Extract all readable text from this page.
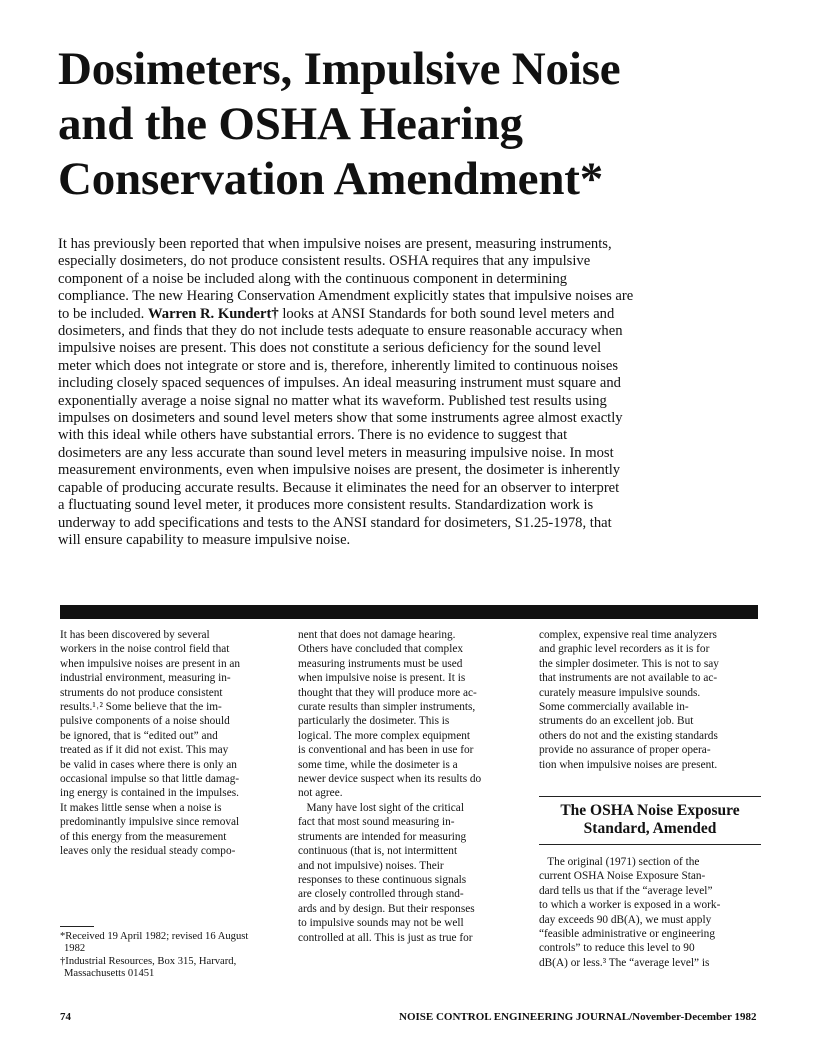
Dosimeters, Impulsive Noise
and the OSHA Hearing
Conservation Amendment*
It has previously been reported that when impulsive noises are present, measuring instruments,
especially dosimeters, do not produce consistent results. OSHA requires that any impulsive
component of a noise be included along with the continuous component in determining
compliance. The new Hearing Conservation Amendment explicitly states that impulsive noises are
to be included. Warren R. Kundert† looks at ANSI Standards for both sound level meters and
dosimeters, and finds that they do not include tests adequate to ensure reasonable accuracy when
impulsive noises are present. This does not constitute a serious deficiency for the sound level
meter which does not integrate or store and is, therefore, inherently limited to continuous noises
including closely spaced sequences of impulses. An ideal measuring instrument must square and
exponentially average a noise signal no matter what its waveform. Published test results using
impulses on dosimeters and sound level meters show that some instruments agree almost exactly
with this ideal while others have substantial errors. There is no evidence to suggest that
dosimeters are any less accurate than sound level meters in measuring impulsive noise. In most
measurement environments, even when impulsive noises are present, the dosimeter is inherently
capable of producing accurate results. Because it eliminates the need for an observer to interpret
a fluctuating sound level meter, it produces more consistent results. Standardization work is
underway to add specifications and tests to the ANSI standard for dosimeters, S1.25-1978, that
will ensure capability to measure impulsive noise.
It has been discovered by several
workers in the noise control field that
when impulsive noises are present in an
industrial environment, measuring in-
struments do not produce consistent
results.¹˒² Some believe that the im-
pulsive components of a noise should
be ignored, that is “edited out” and
treated as if it did not exist. This may
be valid in cases where there is only an
occasional impulse so that little damag-
ing energy is contained in the impulses.
It makes little sense when a noise is
predominantly impulsive since removal
of this energy from the measurement
leaves only the residual steady compo-
*Received 19 April 1982; revised 16 August
1982
†Industrial Resources, Box 315, Harvard,
Massachusetts 01451
nent that does not damage hearing.
Others have concluded that complex
measuring instruments must be used
when impulsive noise is present. It is
thought that they will produce more ac-
curate results than simpler instruments,
particularly the dosimeter. This is
logical. The more complex equipment
is conventional and has been in use for
some time, while the dosimeter is a
newer device suspect when its results do
not agree.
Many have lost sight of the critical
fact that most sound measuring in-
struments are intended for measuring
continuous (that is, not intermittent
and not impulsive) noises. Their
responses to these continuous signals
are closely controlled through stand-
ards and by design. But their responses
to impulsive sounds may not be well
controlled at all. This is just as true for
complex, expensive real time analyzers
and graphic level recorders as it is for
the simpler dosimeter. This is not to say
that instruments are not available to ac-
curately measure impulsive sounds.
Some commercially available in-
struments do an excellent job. But
others do not and the existing standards
provide no assurance of proper opera-
tion when impulsive noises are present.
The OSHA Noise Exposure
Standard, Amended
The original (1971) section of the
current OSHA Noise Exposure Stan-
dard tells us that if the “average level”
to which a worker is exposed in a work-
day exceeds 90 dB(A), we must apply
“feasible administrative or engineering
controls” to reduce this level to 90
dB(A) or less.³ The “average level” is
74	NOISE CONTROL ENGINEERING JOURNAL/November-December 1982
